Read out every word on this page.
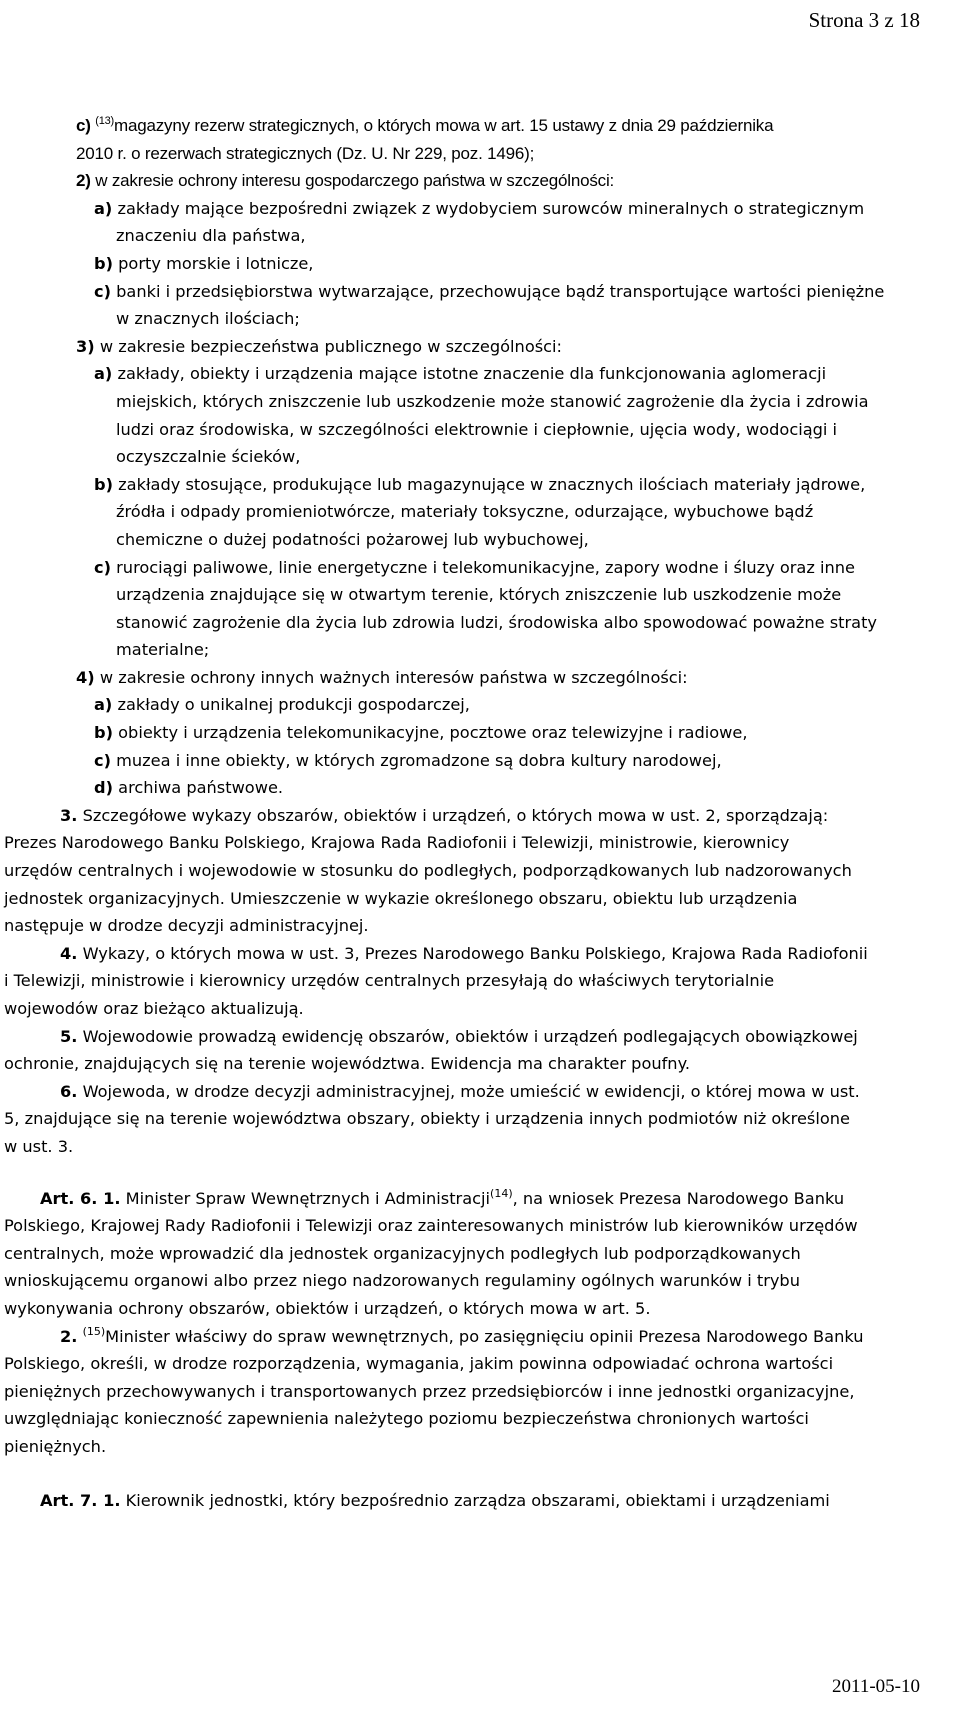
Strona 3 z 18

c) $^{(13)}$magazyny rezerw strategicznych, o których mowa w art. 15 ustawy z dnia 29 października

2010 r. o rezerwach strategicznych (Dz. U. Nr 229, poz. 1496);

2) w zakresie ochrony interesu gospodarczego państwa w szczególności:

a) zakłady mające bezpośredni związek z wydobyciem surowców mineralnych o strategicznym

znaczeniu dla państwa,

b) porty morskie i lotnicze,

c) banki i przedsiębiorstwa wytwarzające, przechowujące bądź transportujące wartości pieniężne

w znacznych ilościach;

3) w zakresie bezpieczeństwa publicznego w szczególności:

a) zakłady, obiekty i urządzenia mające istotne znaczenie dla funkcjonowania aglomeracji

miejskich, których zniszczenie lub uszkodzenie może stanowić zagrożenie dla życia i zdrowia

ludzi oraz środowiska, w szczególności elektrownie i ciepłownie, ujęcia wody, wodociągi i

oczyszczalnie ścieków,

b) zakłady stosujące, produkujące lub magazynujące w znacznych ilościach materiały jądrowe,

źródła i odpady promieniotwórcze, materiały toksyczne, odurzające, wybuchowe bądź

chemiczne o dużej podatności pożarowej lub wybuchowej,

c) rurociągi paliwowe, linie energetyczne i telekomunikacyjne, zapory wodne i śluzy oraz inne

urządzenia znajdujące się w otwartym terenie, których zniszczenie lub uszkodzenie może

stanowić zagrożenie dla życia lub zdrowia ludzi, środowiska albo spowodować poważne straty

materialne;

4) w zakresie ochrony innych ważnych interesów państwa w szczególności:

a) zakłady o unikalnej produkcji gospodarczej,

b) obiekty i urządzenia telekomunikacyjne, pocztowe oraz telewizyjne i radiowe,

c) muzea i inne obiekty, w których zgromadzone są dobra kultury narodowej,

d) archiwa państwowe.

3. Szczegółowe wykazy obszarów, obiektów i urządzeń, o których mowa w ust. 2, sporządzają:

Prezes Narodowego Banku Polskiego, Krajowa Rada Radiofonii i Telewizji, ministrowie, kierownicy

urzędów centralnych i wojewodowie w stosunku do podległych, podporządkowanych lub nadzorowanych

jednostek organizacyjnych. Umieszczenie w wykazie określonego obszaru, obiektu lub urządzenia

następuje w drodze decyzji administracyjnej.

4. Wykazy, o których mowa w ust. 3, Prezes Narodowego Banku Polskiego, Krajowa Rada Radiofonii

i Telewizji, ministrowie i kierownicy urzędów centralnych przesyłają do właściwych terytorialnie

wojewodów oraz bieżąco aktualizują.

5. Wojewodowie prowadzą ewidencję obszarów, obiektów i urządzeń podlegających obowiązkowej

ochronie, znajdujących się na terenie województwa. Ewidencja ma charakter poufny.

6. Wojewoda, w drodze decyzji administracyjnej, może umieścić w ewidencji, o której mowa w ust.

5, znajdujące się na terenie województwa obszary, obiekty i urządzenia innych podmiotów niż określone

w ust. 3.

Art. 6. 1. Minister Spraw Wewnętrznych i Administracji$^{(14)}$, na wniosek Prezesa Narodowego Banku

Polskiego, Krajowej Rady Radiofonii i Telewizji oraz zainteresowanych ministrów lub kierowników urzędów

centralnych, może wprowadzić dla jednostek organizacyjnych podległych lub podporządkowanych

wnioskującemu organowi albo przez niego nadzorowanych regulaminy ogólnych warunków i trybu

wykonywania ochrony obszarów, obiektów i urządzeń, o których mowa w art. 5.

2. $^{(15)}$Minister właściwy do spraw wewnętrznych, po zasięgnięciu opinii Prezesa Narodowego Banku

Polskiego, określi, w drodze rozporządzenia, wymagania, jakim powinna odpowiadać ochrona wartości

pieniężnych przechowywanych i transportowanych przez przedsiębiorców i inne jednostki organizacyjne,

uwzględniając konieczność zapewnienia należytego poziomu bezpieczeństwa chronionych wartości

pieniężnych.

Art. 7. 1. Kierownik jednostki, który bezpośrednio zarządza obszarami, obiektami i urządzeniami

2011-05-10
